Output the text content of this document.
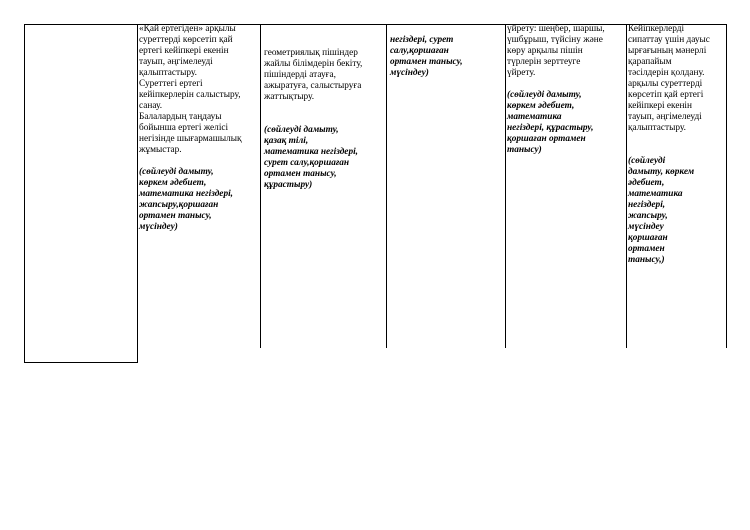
«Қай ертегіден» арқылы

суреттерді көрсетіп қай

ертегі кейіпкері екенін

тауып, әңгімелеуді

қалыптастыру.

Суреттегі ертегі

кейіпкерлерін салыстыру,

санау.

Балалардың таңдауы

бойынша ертегі желісі

негізінде шығармашылық

жұмыстар.

(сөйлеуді дамыту,

көркем әдебиет,

математика негіздері,

жапсыру,қоршаған

ортамен танысу,

мүсіндеу)

геометриялық пішіндер

жайлы білімдерін бекіту,

пішіндерді атауға,

ажыратуға, салыстыруға

жаттықтыру.

(сөйлеуді дамыту,

қазақ тілі,

математика негіздері,

сурет салу,қоршаған

ортамен танысу,

құрастыру)

негіздері, сурет

салу,қоршаған

ортамен танысу,

мүсіндеу)

үйрету: шеңбер, шаршы,

үшбұрыш, түйсіну және

көру арқылы пішін

түрлерін зерттеуге

үйрету.

(сөйлеуді дамыту,

көркем әдебиет,

математика

негіздері, құрастыру,

қоршаған ортамен

танысу)

Кейіпкерлерді

сипаттау үшін дауыс

ырғағының мәнерлі

қарапайым

тәсілдерін қолдану.

арқылы суреттерді

көрсетіп қай ертегі

кейіпкері екенін

тауып, әңгімелеуді

қалыптастыру.

(сөйлеуді

дамыту, көркем

әдебиет,

математика

негіздері,

жапсыру,

мүсіндеу

қоршаған

ортамен

танысу,)
